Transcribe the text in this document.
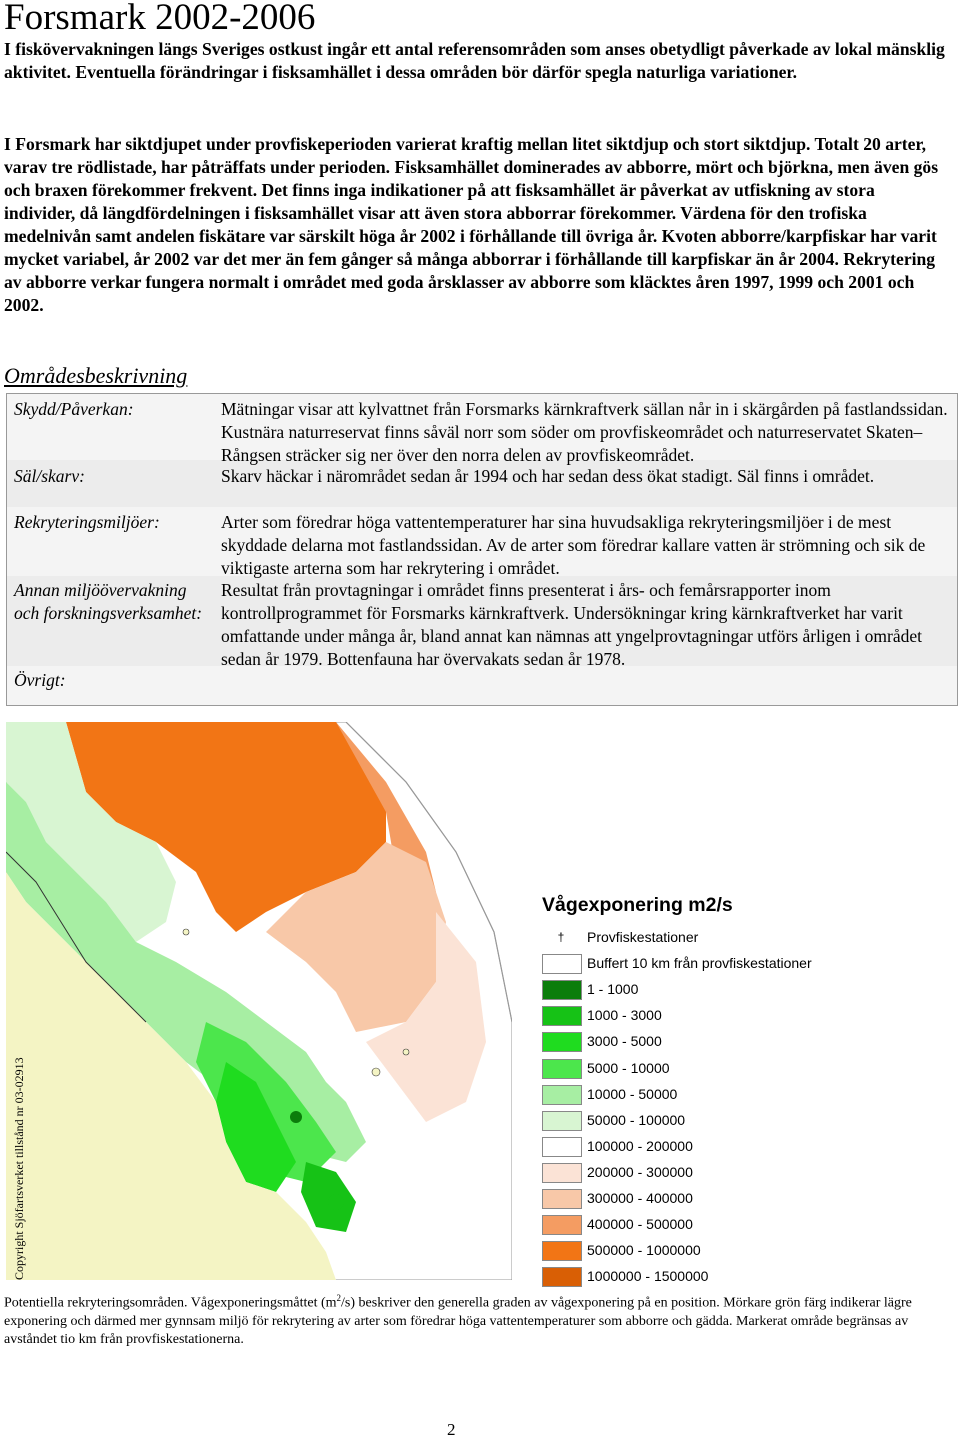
Forsmark 2002-2006

I fiskövervakningen längs Sveriges ostkust ingår ett antal referensområden som anses obetydligt påverkade av lokal mänsklig aktivitet. Eventuella förändringar i fisksamhället i dessa områden bör därför spegla naturliga variationer.

I Forsmark har siktdjupet under provfiskeperioden varierat kraftig mellan litet siktdjup och stort siktdjup. Totalt 20 arter, varav tre rödlistade, har påträffats under perioden. Fisksamhället dominerades av abborre, mört och björkna, men även gös och braxen förekommer frekvent. Det finns inga indikationer på att fisksamhället är påverkat av utfiskning av stora individer, då längdfördelningen i fisksamhället visar att även stora abborrar förekommer. Värdena för den trofiska medelnivån samt andelen fiskätare var särskilt höga år 2002 i förhållande till övriga år. Kvoten abborre/karpfiskar har varit mycket variabel, år 2002 var det mer än fem gånger så många abborrar i förhållande till karpfiskar än år 2004. Rekrytering av abborre verkar fungera normalt i området med goda årsklasser av abborre som kläcktes åren 1997, 1999 och 2001 och 2002.

Områdesbeskrivning
Skydd/Påverkan:	Mätningar visar att kylvattnet från Forsmarks kärnkraftverk sällan når in i skärgården på fastlandssidan. Kustnära naturreservat finns såväl norr som söder om provfiskeområdet och naturreservatet Skaten–Rångsen sträcker sig ner över den norra delen av provfiskeområdet.
Säl/skarv:	Skarv häckar i närområdet sedan år 1994 och har sedan dess ökat stadigt. Säl finns i området.
Rekryteringsmiljöer:	Arter som föredrar höga vattentemperaturer har sina huvudsakliga rekryteringsmiljöer i de mest skyddade delarna mot fastlandssidan. Av de arter som föredrar kallare vatten är strömning och sik de viktigaste arterna som har rekrytering i området.
Annan miljöövervakning och forskningsverksamhet:
Resultat från provtagningar i området finns presenterat i års- och femårsrapporter inom kontrollprogrammet för Forsmarks kärnkraftverk. Undersökningar kring kärnkraftverket har varit omfattande under många år, bland annat kan nämnas att yngelprovtagningar utförs årligen i området sedan år 1979. Bottenfauna har övervakats sedan år 1978.
Övrigt:
Copyright Sjöfartsverket tillstånd nr 03-02913
Vågexponering m2/s
†	Provfiskestationer
Buffert 10 km från provfiskestationer
1 - 1000
1000 - 3000
3000 - 5000
5000 - 10000
10000 - 50000
50000 - 100000
100000 - 200000
200000 - 300000
300000 - 400000
400000 - 500000
500000 - 1000000
1000000 - 1500000

Potentiella rekryteringsområden. Vågexponeringsmåttet $(m^2/s)$ beskriver den generella graden av vågexponering på en position. Mörkare grön färg indikerar lägre exponering och därmed mer gynnsam miljö för rekrytering av arter som föredrar höga vattentemperaturer som abborre och gädda. Markerat område begränsas av avståndet tio km från provfiskestationerna.

2
